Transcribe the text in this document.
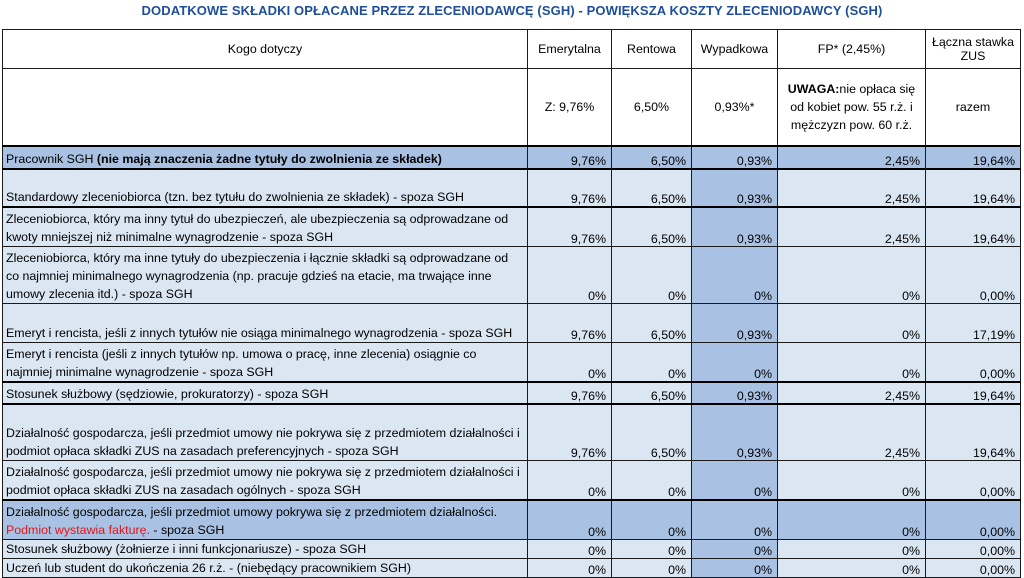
DODATKOWE SKŁADKI OPŁACANE PRZEZ ZLECENIODAWCĘ (SGH) - POWIĘKSZA KOSZTY ZLECENIODAWCY (SGH)
Kogo dotyczy	Emerytalna	Rentowa	Wypadkowa	FP* (2,45%)	Łączna stawka ZUS
	Z: 9,76%	6,50%	0,93%*	UWAGA:nie opłaca się od kobiet pow. 55 r.ż. i mężczyzn pow. 60 r.ż.	razem
Pracownik SGH (nie mają znaczenia żadne tytuły do zwolnienia ze składek)	9,76%	6,50%	0,93%	2,45%	19,64%
Standardowy zleceniobiorca (tzn. bez tytułu do zwolnienia ze składek) - spoza SGH	9,76%	6,50%	0,93%	2,45%	19,64%
Zleceniobiorca, który ma inny tytuł do ubezpieczeń, ale ubezpieczenia są odprowadzane od kwoty mniejszej niż minimalne wynagrodzenie - spoza SGH	9,76%	6,50%	0,93%	2,45%	19,64%
Zleceniobiorca, który ma inne tytuły do ubezpieczenia i łącznie składki są odprowadzane od co najmniej minimalnego wynagrodzenia (np. pracuje gdzieś na etacie, ma trwające inne umowy zlecenia itd.) - spoza SGH	0%	0%	0%	0%	0,00%
Emeryt i rencista, jeśli z innych tytułów nie osiąga minimalnego wynagrodzenia - spoza SGH	9,76%	6,50%	0,93%	0%	17,19%
Emeryt i rencista (jeśli z innych tytułów np. umowa o pracę, inne zlecenia) osiągnie co najmniej minimalne wynagrodzenie - spoza SGH	0%	0%	0%	0%	0,00%
Stosunek służbowy (sędziowie, prokuratorzy) - spoza SGH	9,76%	6,50%	0,93%	2,45%	19,64%
Działalność gospodarcza, jeśli przedmiot umowy nie pokrywa się z przedmiotem działalności i podmiot opłaca składki ZUS na zasadach preferencyjnych - spoza SGH	9,76%	6,50%	0,93%	2,45%	19,64%
Działalność gospodarcza, jeśli przedmiot umowy nie pokrywa się z przedmiotem działalności i podmiot opłaca składki ZUS na zasadach ogólnych - spoza SGH	0%	0%	0%	0%	0,00%
Działalność gospodarcza, jeśli przedmiot umowy pokrywa się z przedmiotem działalności. Podmiot wystawia fakturę. - spoza SGH	0%	0%	0%	0%	0,00%
Stosunek służbowy (żołnierze i inni funkcjonariusze) - spoza SGH	0%	0%	0%	0%	0,00%
Uczeń lub student do ukończenia 26 r.ż. - (niebędący pracownikiem SGH)	0%	0%	0%	0%	0,00%
